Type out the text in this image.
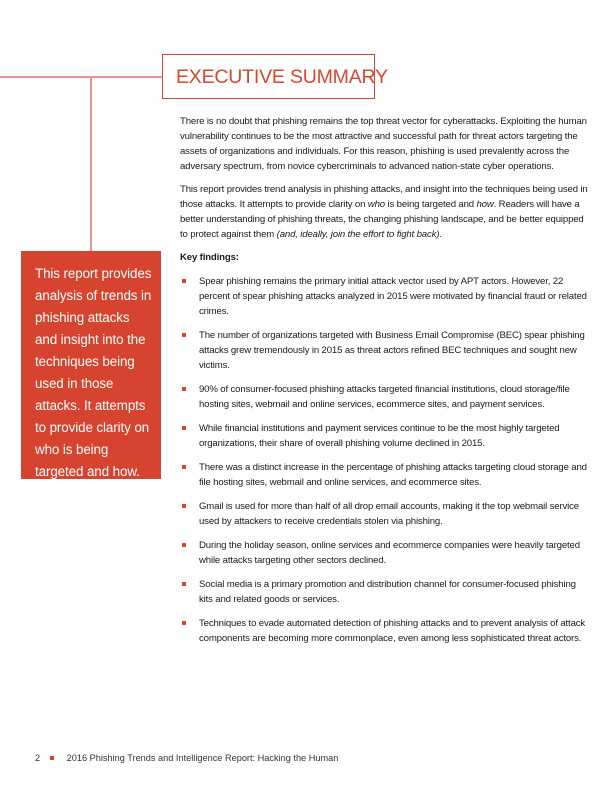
EXECUTIVE SUMMARY
This report provides analysis of trends in phishing attacks and insight into the techniques being used in those attacks. It attempts to provide clarity on who is being targeted and how.

There is no doubt that phishing remains the top threat vector for cyberattacks. Exploiting the human vulnerability continues to be the most attractive and successful path for threat actors targeting the assets of organizations and individuals. For this reason, phishing is used prevalently across the adversary spectrum, from novice cybercriminals to advanced nation-state cyber operations.

This report provides trend analysis in phishing attacks, and insight into the techniques being used in those attacks. It attempts to provide clarity on who is being targeted and how. Readers will have a better understanding of phishing threats, the changing phishing landscape, and be better equipped to protect against them (and, ideally, join the effort to fight back).

Key findings:
Spear phishing remains the primary initial attack vector used by APT actors. However, 22 percent of spear phishing attacks analyzed in 2015 were motivated by financial fraud or related crimes.
The number of organizations targeted with Business Email Compromise (BEC) spear phishing attacks grew tremendously in 2015 as threat actors refined BEC techniques and sought new victims.
90% of consumer-focused phishing attacks targeted financial institutions, cloud storage/file hosting sites, webmail and online services, ecommerce sites, and payment services.
While financial institutions and payment services continue to be the most highly targeted organizations, their share of overall phishing volume declined in 2015.
There was a distinct increase in the percentage of phishing attacks targeting cloud storage and file hosting sites, webmail and online services, and ecommerce sites.
Gmail is used for more than half of all drop email accounts, making it the top webmail service used by attackers to receive credentials stolen via phishing.
During the holiday season, online services and ecommerce companies were heavily targeted while attacks targeting other sectors declined.
Social media is a primary promotion and distribution channel for consumer-focused phishing kits and related goods or services.
Techniques to evade automated detection of phishing attacks and to prevent analysis of attack components are becoming more commonplace, even among less sophisticated threat actors.
2	2016 Phishing Trends and Intelligence Report: Hacking the Human
